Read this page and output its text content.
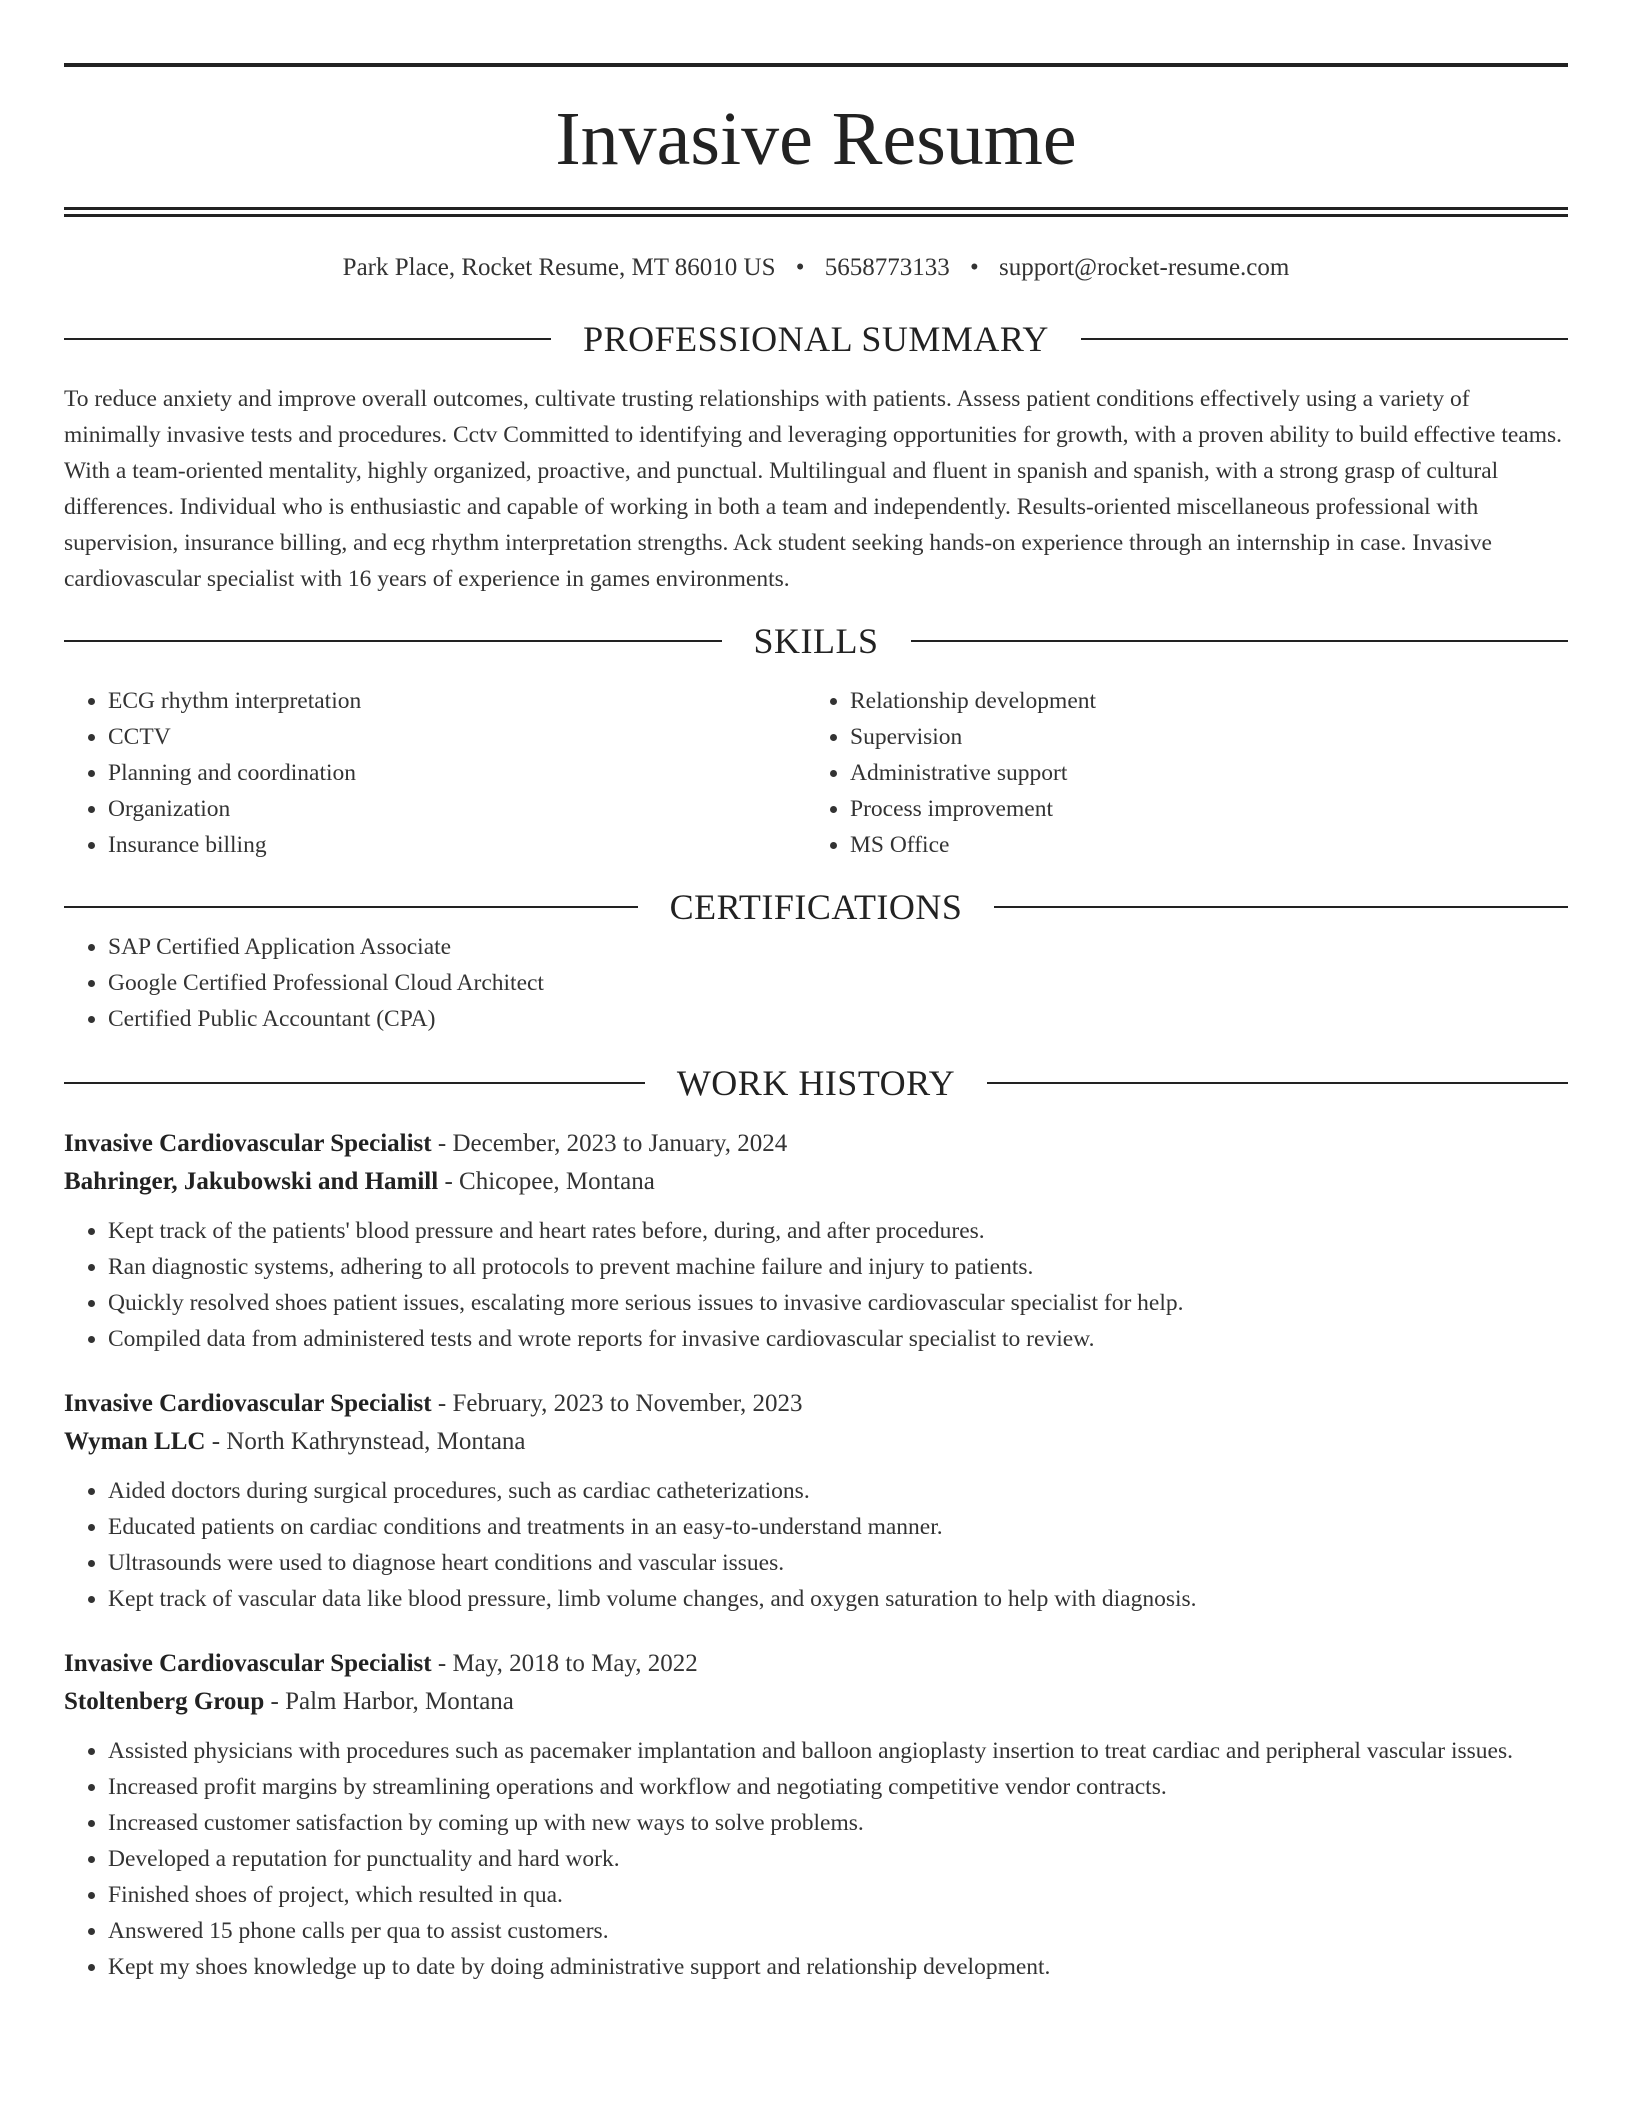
Invasive Resume
Park Place, Rocket Resume, MT 86010 US • 5658773133 • support@rocket-resume.com
PROFESSIONAL SUMMARY
To reduce anxiety and improve overall outcomes, cultivate trusting relationships with patients. Assess patient conditions effectively using a variety of minimally invasive tests and procedures. Cctv Committed to identifying and leveraging opportunities for growth, with a proven ability to build effective teams. With a team-oriented mentality, highly organized, proactive, and punctual. Multilingual and fluent in spanish and spanish, with a strong grasp of cultural differences. Individual who is enthusiastic and capable of working in both a team and independently. Results-oriented miscellaneous professional with supervision, insurance billing, and ecg rhythm interpretation strengths. Ack student seeking hands-on experience through an internship in case. Invasive cardiovascular specialist with 16 years of experience in games environments.
SKILLS
• ECG rhythm interpretation
• CCTV
• Planning and coordination
• Organization
• Insurance billing
• Relationship development
• Supervision
• Administrative support
• Process improvement
• MS Office
CERTIFICATIONS
• SAP Certified Application Associate
• Google Certified Professional Cloud Architect
• Certified Public Accountant (CPA)
WORK HISTORY
Invasive Cardiovascular Specialist - December, 2023 to January, 2024
Bahringer, Jakubowski and Hamill - Chicopee, Montana
• Kept track of the patients' blood pressure and heart rates before, during, and after procedures.
• Ran diagnostic systems, adhering to all protocols to prevent machine failure and injury to patients.
• Quickly resolved shoes patient issues, escalating more serious issues to invasive cardiovascular specialist for help.
• Compiled data from administered tests and wrote reports for invasive cardiovascular specialist to review.
Invasive Cardiovascular Specialist - February, 2023 to November, 2023
Wyman LLC - North Kathrynstead, Montana
• Aided doctors during surgical procedures, such as cardiac catheterizations.
• Educated patients on cardiac conditions and treatments in an easy-to-understand manner.
• Ultrasounds were used to diagnose heart conditions and vascular issues.
• Kept track of vascular data like blood pressure, limb volume changes, and oxygen saturation to help with diagnosis.
Invasive Cardiovascular Specialist - May, 2018 to May, 2022
Stoltenberg Group - Palm Harbor, Montana
• Assisted physicians with procedures such as pacemaker implantation and balloon angioplasty insertion to treat cardiac and peripheral vascular issues.
• Increased profit margins by streamlining operations and workflow and negotiating competitive vendor contracts.
• Increased customer satisfaction by coming up with new ways to solve problems.
• Developed a reputation for punctuality and hard work.
• Finished shoes of project, which resulted in qua.
• Answered 15 phone calls per qua to assist customers.
• Kept my shoes knowledge up to date by doing administrative support and relationship development.
